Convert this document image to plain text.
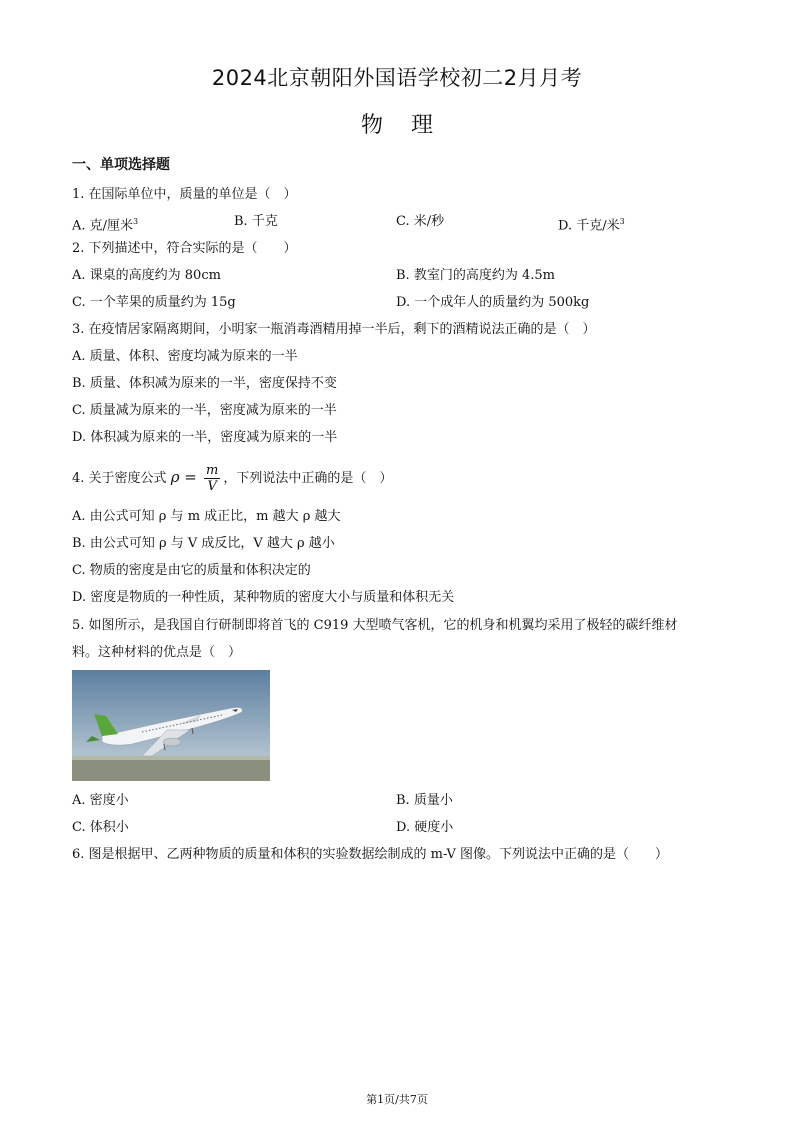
2024北京朝阳外国语学校初二2月月考
物理
一、单项选择题
1. 在国际单位中，质量的单位是（　）
A. 克/厘米$^3$	B. 千克	C. 米/秒	D. 千克/米$^3$
2. 下列描述中，符合实际的是（　　）
A. 课桌的高度约为 80cm	B. 教室门的高度约为 4.5m
C. 一个苹果的质量约为 15g	D. 一个成年人的质量约为 500kg
3. 在疫情居家隔离期间，小明家一瓶消毒酒精用掉一半后，剩下的酒精说法正确的是（　）
A. 质量、体积、密度均减为原来的一半
B. 质量、体积减为原来的一半，密度保持不变
C. 质量减为原来的一半，密度减为原来的一半
D. 体积减为原来的一半，密度减为原来的一半
4. 关于密度公式 $\rho = \frac{m}{V}$ ，下列说法中正确的是（　）
A. 由公式可知 ρ 与 m 成正比，m 越大 ρ 越大
B. 由公式可知 ρ 与 V 成反比，V 越大 ρ 越小
C. 物质的密度是由它的质量和体积决定的
D. 密度是物质的一种性质，某种物质的密度大小与质量和体积无关
5. 如图所示，是我国自行研制即将首飞的 C919 大型喷气客机，它的机身和机翼均采用了极轻的碳纤维材
料。这种材料的优点是（　）
A. 密度小	B. 质量小
C. 体积小	D. 硬度小
6. 图是根据甲、乙两种物质的质量和体积的实验数据绘制成的 m-V 图像。下列说法中正确的是（　　）
第1页/共7页
